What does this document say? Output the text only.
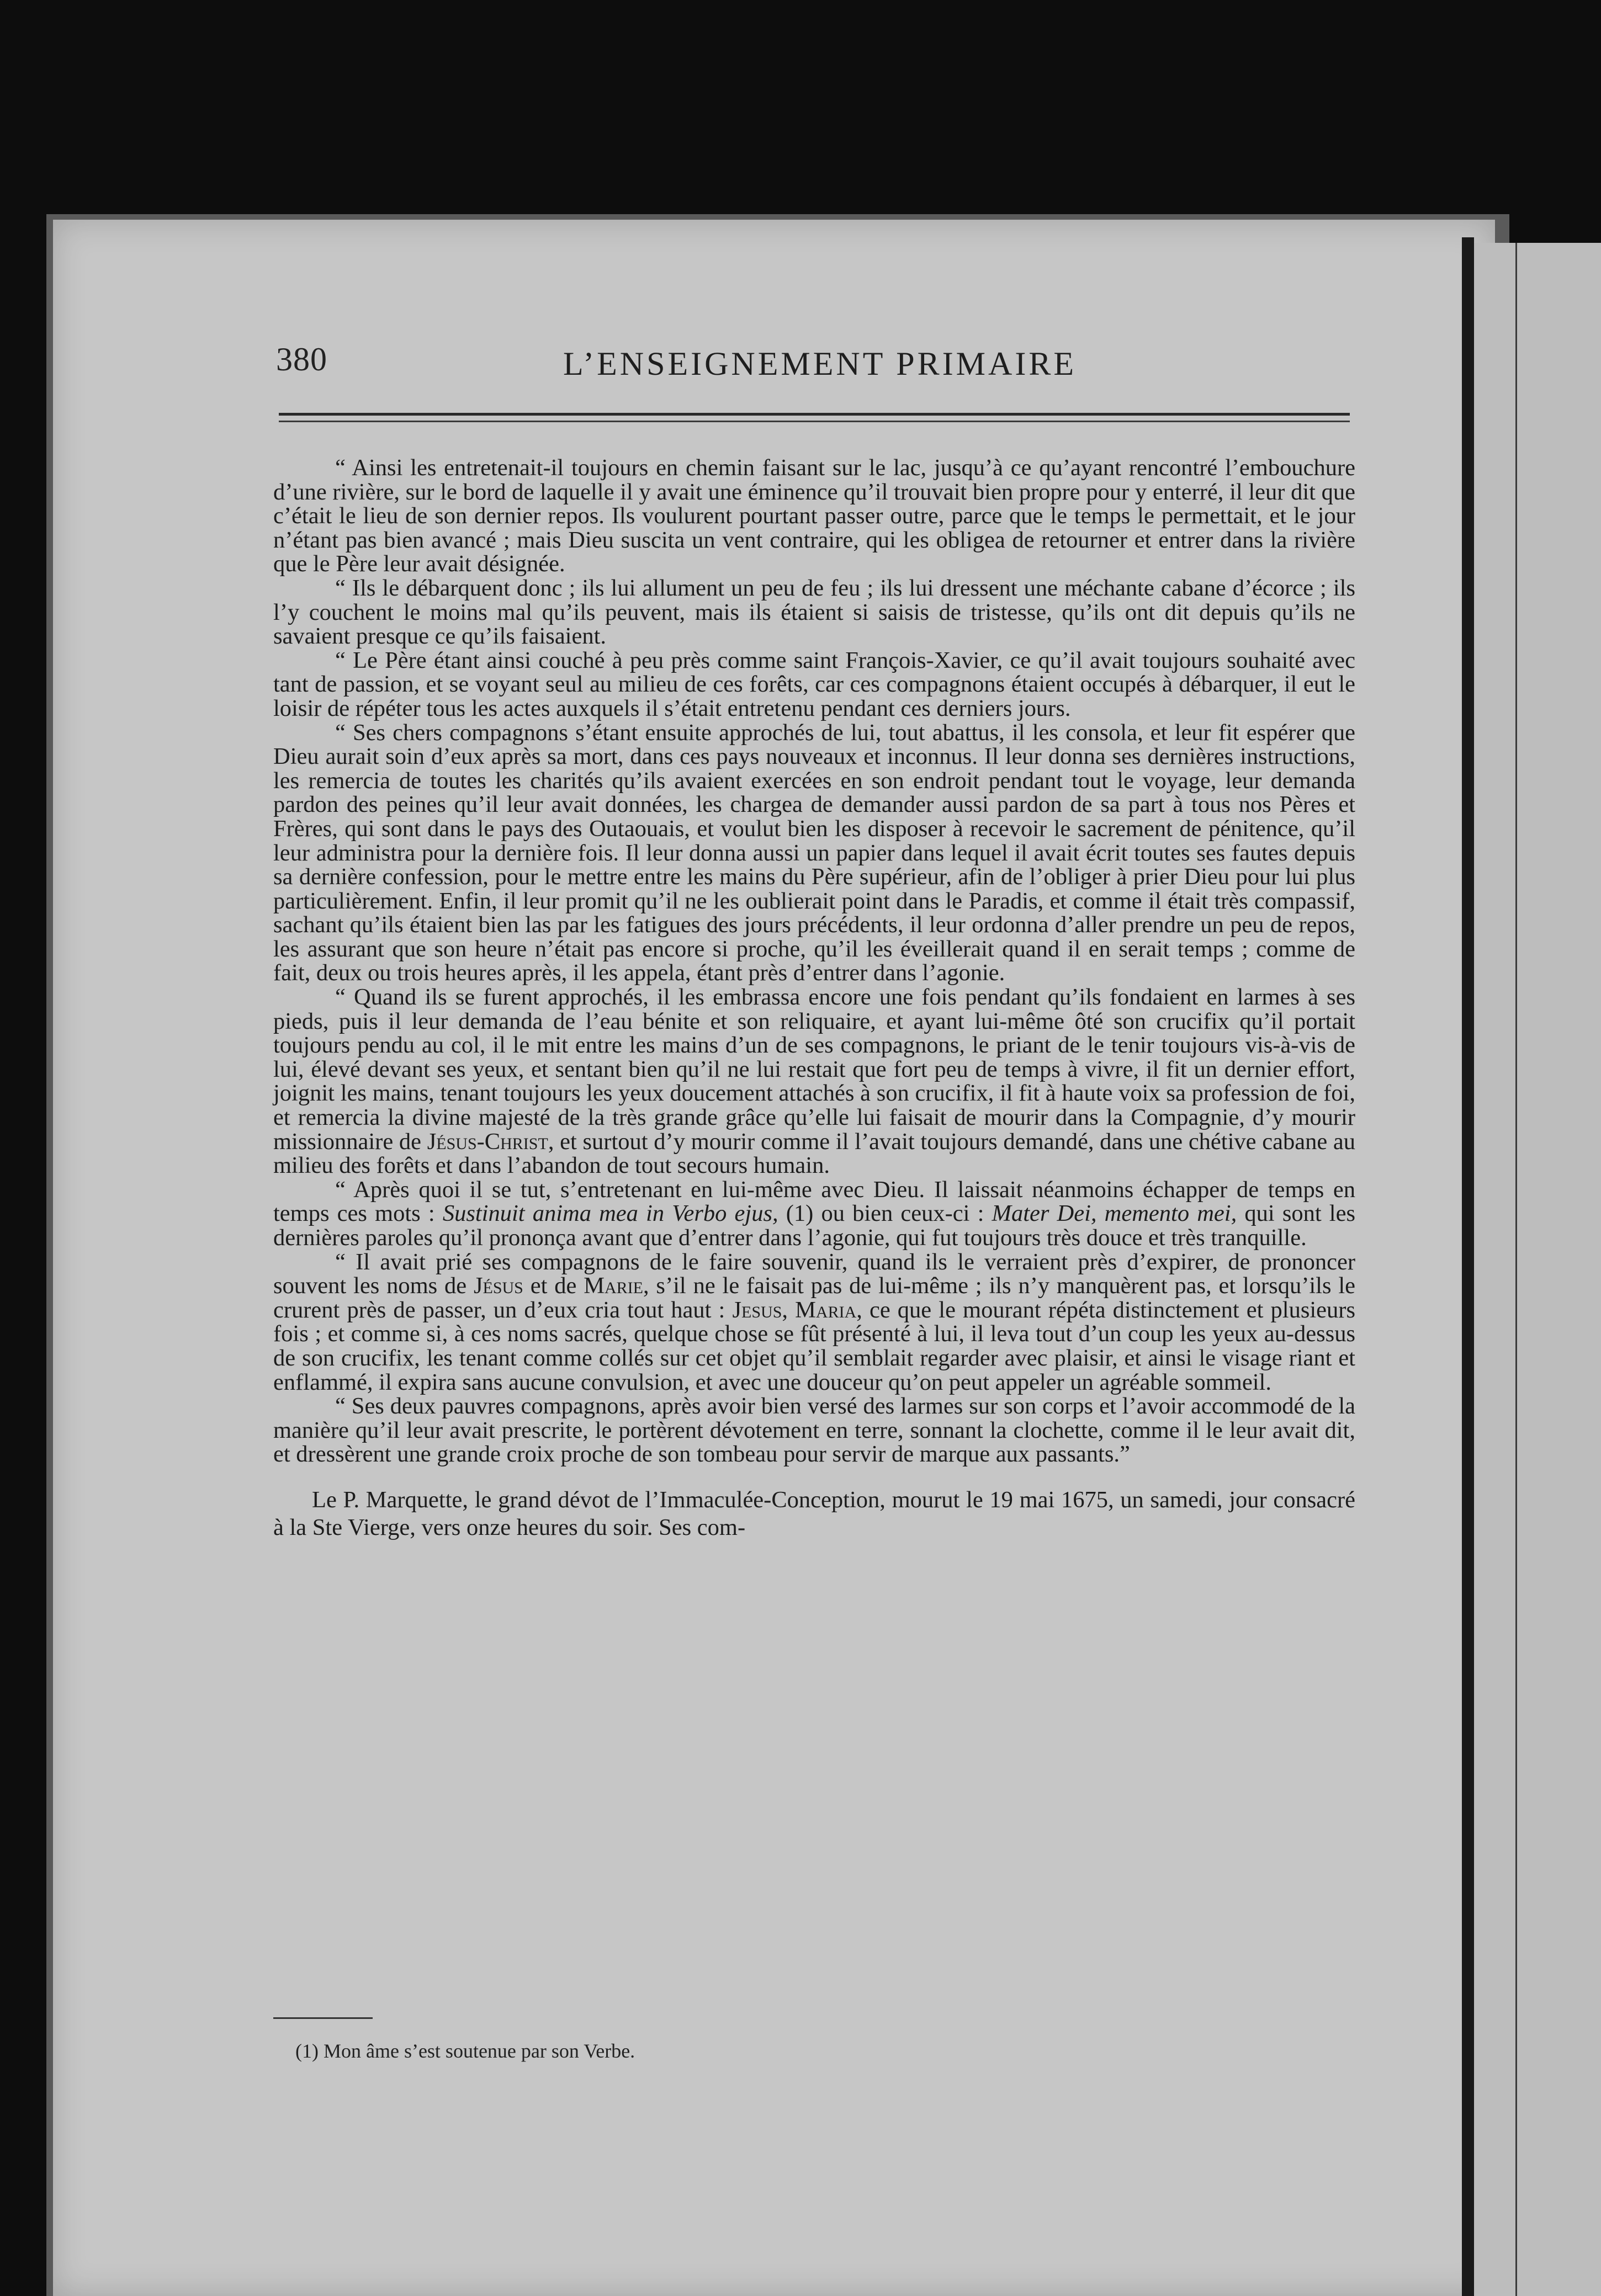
380	L’ENSEIGNEMENT PRIMAIRE

“ Ainsi les entretenait-il toujours en chemin faisant sur le lac, jusqu’à ce qu’ayant rencontré l’embouchure d’une rivière, sur le bord de laquelle il y avait une éminence qu’il trouvait bien propre pour y enterré, il leur dit que c’était le lieu de son dernier repos. Ils voulurent pourtant passer outre, parce que le temps le permettait, et le jour n’étant pas bien avancé ; mais Dieu suscita un vent contraire, qui les obligea de retourner et entrer dans la rivière que le Père leur avait désignée.

“ Ils le débarquent donc ; ils lui allument un peu de feu ; ils lui dressent une méchante cabane d’écorce ; ils l’y couchent le moins mal qu’ils peuvent, mais ils étaient si saisis de tristesse, qu’ils ont dit depuis qu’ils ne savaient presque ce qu’ils faisaient.

“ Le Père étant ainsi couché à peu près comme saint François-Xavier, ce qu’il avait toujours souhaité avec tant de passion, et se voyant seul au milieu de ces forêts, car ces compagnons étaient occupés à débarquer, il eut le loisir de répéter tous les actes auxquels il s’était entretenu pendant ces derniers jours.

“ Ses chers compagnons s’étant ensuite approchés de lui, tout abattus, il les consola, et leur fit espérer que Dieu aurait soin d’eux après sa mort, dans ces pays nouveaux et inconnus. Il leur donna ses dernières instructions, les remercia de toutes les charités qu’ils avaient exercées en son endroit pendant tout le voyage, leur demanda pardon des peines qu’il leur avait données, les chargea de demander aussi pardon de sa part à tous nos Pères et Frères, qui sont dans le pays des Outaouais, et voulut bien les disposer à recevoir le sacrement de pénitence, qu’il leur administra pour la dernière fois. Il leur donna aussi un papier dans lequel il avait écrit toutes ses fautes depuis sa dernière confession, pour le mettre entre les mains du Père supérieur, afin de l’obliger à prier Dieu pour lui plus particulièrement. Enfin, il leur promit qu’il ne les oublierait point dans le Paradis, et comme il était très compassif, sachant qu’ils étaient bien las par les fatigues des jours précédents, il leur ordonna d’aller prendre un peu de repos, les assurant que son heure n’était pas encore si proche, qu’il les éveillerait quand il en serait temps ; comme de fait, deux ou trois heures après, il les appela, étant près d’entrer dans l’agonie.

“ Quand ils se furent approchés, il les embrassa encore une fois pendant qu’ils fondaient en larmes à ses pieds, puis il leur demanda de l’eau bénite et son reliquaire, et ayant lui-même ôté son crucifix qu’il portait toujours pendu au col, il le mit entre les mains d’un de ses compagnons, le priant de le tenir toujours vis-à-vis de lui, élevé devant ses yeux, et sentant bien qu’il ne lui restait que fort peu de temps à vivre, il fit un dernier effort, joignit les mains, tenant toujours les yeux doucement attachés à son crucifix, il fit à haute voix sa profession de foi, et remercia la divine majesté de la très grande grâce qu’elle lui faisait de mourir dans la Compagnie, d’y mourir missionnaire de Jésus-Christ, et surtout d’y mourir comme il l’avait toujours demandé, dans une chétive cabane au milieu des forêts et dans l’abandon de tout secours humain.

“ Après quoi il se tut, s’entretenant en lui-même avec Dieu. Il laissait néanmoins échapper de temps en temps ces mots : Sustinuit anima mea in Verbo ejus, (1) ou bien ceux-ci : Mater Dei, memento mei, qui sont les dernières paroles qu’il prononça avant que d’entrer dans l’agonie, qui fut toujours très douce et très tranquille.

“ Il avait prié ses compagnons de le faire souvenir, quand ils le verraient près d’expirer, de prononcer souvent les noms de Jésus et de Marie, s’il ne le faisait pas de lui-même ; ils n’y manquèrent pas, et lorsqu’ils le crurent près de passer, un d’eux cria tout haut : Jesus, Maria, ce que le mourant répéta distinctement et plusieurs fois ; et comme si, à ces noms sacrés, quelque chose se fût présenté à lui, il leva tout d’un coup les yeux au-dessus de son crucifix, les tenant comme collés sur cet objet qu’il semblait regarder avec plaisir, et ainsi le visage riant et enflammé, il expira sans aucune convulsion, et avec une douceur qu’on peut appeler un agréable sommeil.

“ Ses deux pauvres compagnons, après avoir bien versé des larmes sur son corps et l’avoir accommodé de la manière qu’il leur avait prescrite, le portèrent dévotement en terre, sonnant la clochette, comme il le leur avait dit, et dressèrent une grande croix proche de son tombeau pour servir de marque aux passants.”

Le P. Marquette, le grand dévot de l’Immaculée-Conception, mourut le 19 mai 1675, un samedi, jour consacré à la Ste Vierge, vers onze heures du soir. Ses com-

(1) Mon âme s’est soutenue par son Verbe.
